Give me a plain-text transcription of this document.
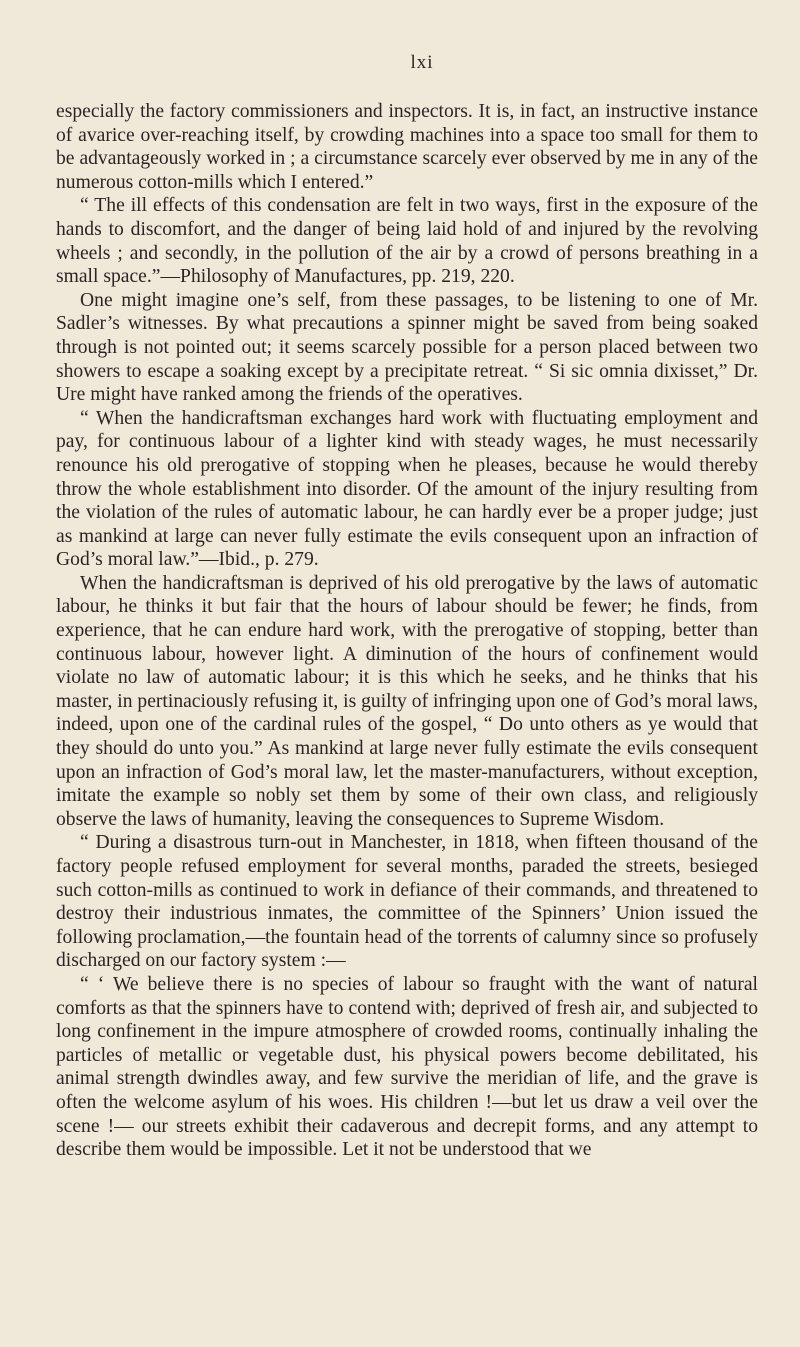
lxi

especially the factory commissioners and inspectors. It is, in fact, an instructive instance of avarice over-reaching itself, by crowding machines into a space too small for them to be advantageously worked in ; a circumstance scarcely ever observed by me in any of the numerous cotton-mills which I entered.”

“ The ill effects of this condensation are felt in two ways, first in the exposure of the hands to discomfort, and the danger of being laid hold of and injured by the revolving wheels ; and secondly, in the pollution of the air by a crowd of persons breathing in a small space.”—Philosophy of Manufactures, pp. 219, 220.

One might imagine one’s self, from these passages, to be listening to one of Mr. Sadler’s witnesses. By what precautions a spinner might be saved from being soaked through is not pointed out; it seems scarcely possible for a person placed between two showers to escape a soaking except by a precipitate retreat. “ Si sic omnia dixisset,” Dr. Ure might have ranked among the friends of the operatives.

“ When the handicraftsman exchanges hard work with fluctuating employment and pay, for continuous labour of a lighter kind with steady wages, he must necessarily renounce his old prerogative of stopping when he pleases, because he would thereby throw the whole establishment into disorder. Of the amount of the injury resulting from the violation of the rules of automatic labour, he can hardly ever be a proper judge; just as mankind at large can never fully estimate the evils consequent upon an infraction of God’s moral law.”—Ibid., p. 279.

When the handicraftsman is deprived of his old prerogative by the laws of automatic labour, he thinks it but fair that the hours of labour should be fewer; he finds, from experience, that he can endure hard work, with the prerogative of stopping, better than continuous labour, however light. A diminution of the hours of confinement would violate no law of automatic labour; it is this which he seeks, and he thinks that his master, in pertinaciously refusing it, is guilty of infringing upon one of God’s moral laws, indeed, upon one of the cardinal rules of the gospel, “ Do unto others as ye would that they should do unto you.” As mankind at large never fully estimate the evils consequent upon an infraction of God’s moral law, let the master-manufacturers, without exception, imitate the example so nobly set them by some of their own class, and religiously observe the laws of humanity, leaving the consequences to Supreme Wisdom.

“ During a disastrous turn-out in Manchester, in 1818, when fifteen thousand of the factory people refused employment for several months, paraded the streets, besieged such cotton-mills as continued to work in defiance of their commands, and threatened to destroy their industrious inmates, the committee of the Spinners’ Union issued the following proclamation,—the fountain head of the torrents of calumny since so profusely discharged on our factory system :—

“ ‘ We believe there is no species of labour so fraught with the want of natural comforts as that the spinners have to contend with; deprived of fresh air, and subjected to long confinement in the impure atmosphere of crowded rooms, continually inhaling the particles of metallic or vegetable dust, his physical powers become debilitated, his animal strength dwindles away, and few survive the meridian of life, and the grave is often the welcome asylum of his woes. His children !—but let us draw a veil over the scene !— our streets exhibit their cadaverous and decrepit forms, and any attempt to describe them would be impossible. Let it not be understood that we
